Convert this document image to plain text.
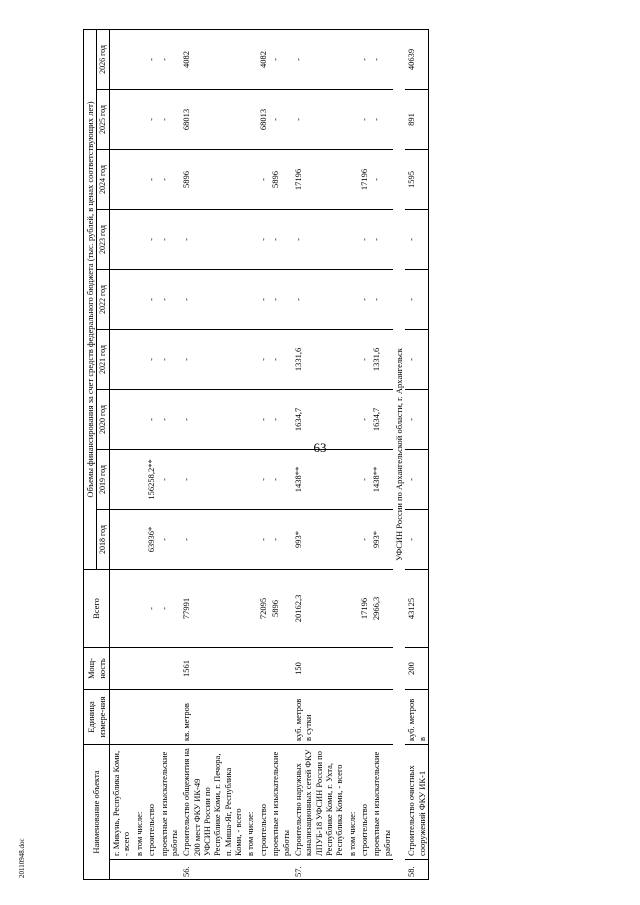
63
20110948.doc
Наименование объекта		Единица измере-ния	Мощ-ность	Всего	Объемы финансирования за счет средств федерального бюджета (тыс. рублей, в ценах соответствующих лет)								
					2018 год	2019 год	2020 год	2021 год	2022 год	2023 год	2024 год	2025 год	2026 год
	г. Микунь, Республика Коми, - всего												
	в том числе:												
	строительство			-	63936*	156258,2**	-	-	-	-	-	-	-
	проектные и изыскательские работы			-	-	-	-	-	-	-	-	-	-
56.	Строительство общежития на 200 мест ФКУ ИК-49 УФСИН России по Республике Коми, г. Печора, п. Миша-Яг, Республика Коми, - всего	кв. метров	1561	77991	-	-	-	-	-	-	5896	68013	4082
	в том числе:												
	строительство			72095	-	-	-	-	-	-	-	68013	4082
	проектные и изыскательские работы			5896	-	-	-	-	-	-	5896	-	-
57.	Строительство наружных канализационных сетей ФКУ ЛПУБ-18 УФСИН России по Республике Коми, г. Ухта, Республика Коми, - всего	куб. метров в сутки	150	20162,3	993*	1438**	1634,7	1331,6	-	-	17196	-	-
	в том числе:												
	строительство			17196	-	-	-	-	-	-	17196	-	-
	проектные и изыскательские работы			2966,3	993*	1438**	1634,7	1331,6	-	-	-	-	-
УФСИН России по Архангельской области, г. Архангельск													
58.	Строительство очистных сооружений ФКУ ИК-1	куб. метров в	200	43125	-	-	-	-	-	-	1595	891	40639
